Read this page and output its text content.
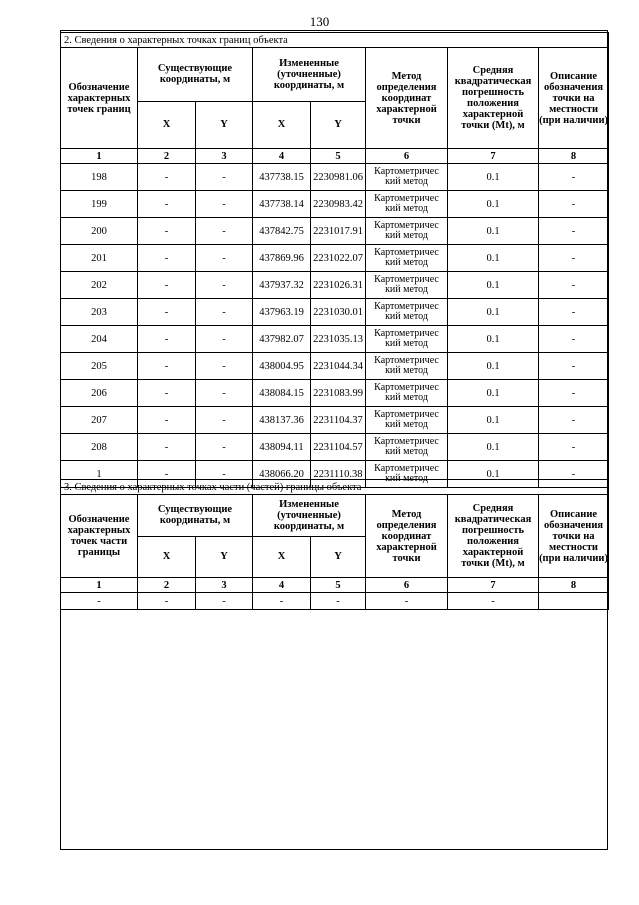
130
2. Сведения о характерных точках границ объекта							
Обозначение характерных точек границ	Существующие координаты, м		Измененные (уточненные) координаты, м		Метод определения координат характерной точки	Средняя квадратическая погрешность положения характерной точки (Mt), м	Описание обозначения точки на местности (при наличии)
	X	Y	X	Y			
1	2	3	4	5	6	7	8
198	-	-	437738.15	2230981.06	Картометричес кий метод	0.1	-
199	-	-	437738.14	2230983.42	Картометричес кий метод	0.1	-
200	-	-	437842.75	2231017.91	Картометричес кий метод	0.1	-
201	-	-	437869.96	2231022.07	Картометричес кий метод	0.1	-
202	-	-	437937.32	2231026.31	Картометричес кий метод	0.1	-
203	-	-	437963.19	2231030.01	Картометричес кий метод	0.1	-
204	-	-	437982.07	2231035.13	Картометричес кий метод	0.1	-
205	-	-	438004.95	2231044.34	Картометричес кий метод	0.1	-
206	-	-	438084.15	2231083.99	Картометричес кий метод	0.1	-
207	-	-	438137.36	2231104.37	Картометричес кий метод	0.1	-
208	-	-	438094.11	2231104.57	Картометричес кий метод	0.1	-
1	-	-	438066.20	2231110.38	Картометричес кий метод	0.1	-
3. Сведения о характерных точках части (частей) границы объекта							
Обозначение характерных точек части границы	Существующие координаты, м		Измененные (уточненные) координаты, м		Метод определения координат характерной точки	Средняя квадратическая погрешность положения характерной точки (Mt), м	Описание обозначения точки на местности (при наличии)
	X	Y	X	Y			
1	2	3	4	5	6	7	8
-	-	-	-	-	-	-	
